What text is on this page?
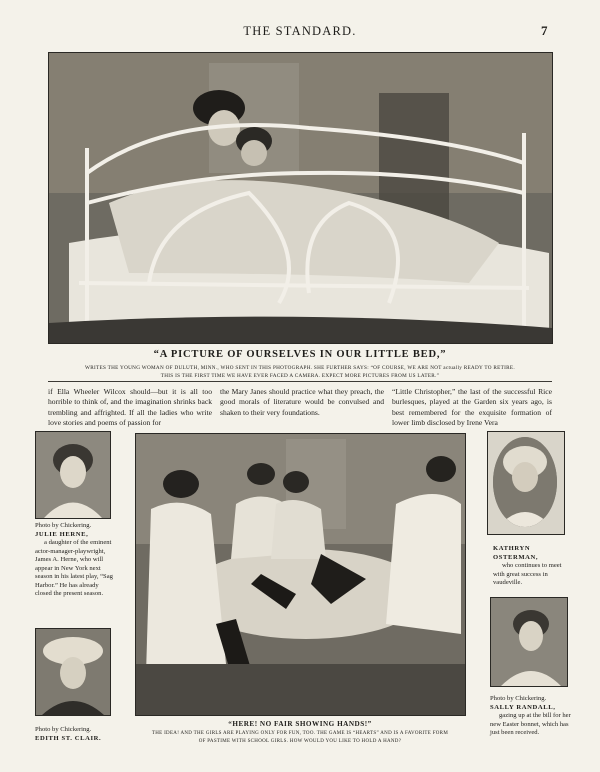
THE STANDARD.	7
“A PICTURE OF OURSELVES IN OUR LITTLE BED,”
WRITES THE YOUNG WOMAN OF DULUTH, MINN., WHO SENT IN THIS PHOTOGRAPH. SHE FURTHER SAYS: “OF COURSE, WE ARE NOT actually READY TO RETIRE.
THIS IS THE FIRST TIME WE HAVE EVER FACED A CAMERA. EXPECT MORE PICTURES FROM US LATER.”
if Ella Wheeler Wilcox should—but it is all too horrible to think of, and the imagination shrinks back trembling and affrighted. If all the ladies who write love stories and poems of passion for
the Mary Janes should practice what they preach, the good morals of literature would be convulsed and shaken to their very foundations.
“Little Christopher,” the last of the successful Rice burlesques, played at the Garden six years ago, is best remembered for the exquisite formation of lower limb disclosed by Irene Vera
Photo by Chickering.
JULIE HERNE,
a daughter of the eminent actor-manager-playwright, James A. Herne, who will appear in New York next season in his latest play, “Sag Harbor.” He has already closed the present season.
Photo by Chickering.
EDITH ST. CLAIR.
“HERE! NO FAIR SHOWING HANDS!”
THE IDEA! AND THE GIRLS ARE PLAYING ONLY FOR FUN, TOO. THE GAME IS “HEARTS” AND IS A FAVORITE FORM
OF PASTIME WITH SCHOOL GIRLS. HOW WOULD YOU LIKE TO HOLD A HAND?
KATHRYN OSTERMAN,
who continues to meet with great success in vaudeville.
Photo by Chickering.
SALLY RANDALL,
gazing up at the bill for her new Easter bonnet, which has just been received.
